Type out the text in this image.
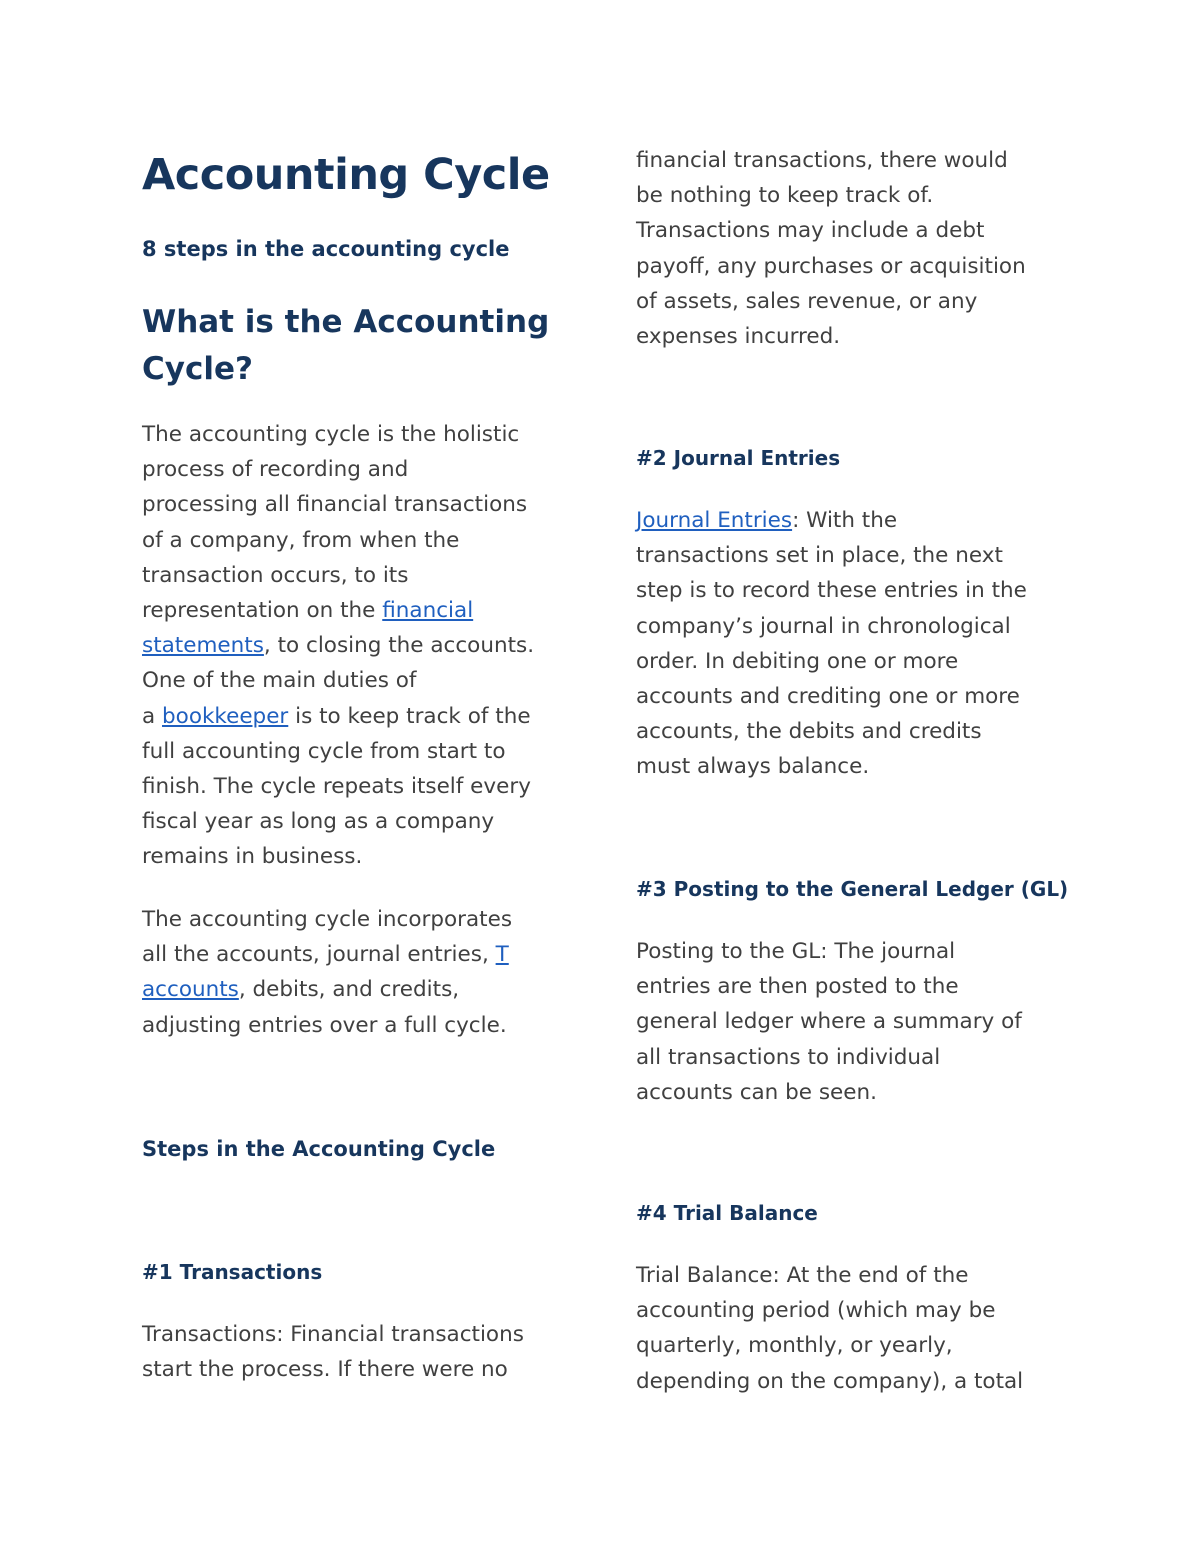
Accounting Cycle
8 steps in the accounting cycle
What is the Accounting
Cycle?

The accounting cycle is the holistic
process of recording and
processing all financial transactions
of a company, from when the
transaction occurs, to its
representation on the financial
statements, to closing the accounts.
One of the main duties of
a bookkeeper is to keep track of the
full accounting cycle from start to
finish. The cycle repeats itself every
fiscal year as long as a company
remains in business.

The accounting cycle incorporates
all the accounts, journal entries, T
accounts, debits, and credits,
adjusting entries over a full cycle.

Steps in the Accounting Cycle
#1 Transactions

Transactions: Financial transactions
start the process. If there were no

financial transactions, there would
be nothing to keep track of.
Transactions may include a debt
payoff, any purchases or acquisition
of assets, sales revenue, or any
expenses incurred.

#2 Journal Entries

Journal Entries: With the
transactions set in place, the next
step is to record these entries in the
company’s journal in chronological
order. In debiting one or more
accounts and crediting one or more
accounts, the debits and credits
must always balance.

#3 Posting to the General Ledger (GL)

Posting to the GL: The journal
entries are then posted to the
general ledger where a summary of
all transactions to individual
accounts can be seen.

#4 Trial Balance

Trial Balance: At the end of the
accounting period (which may be
quarterly, monthly, or yearly,
depending on the company), a total
